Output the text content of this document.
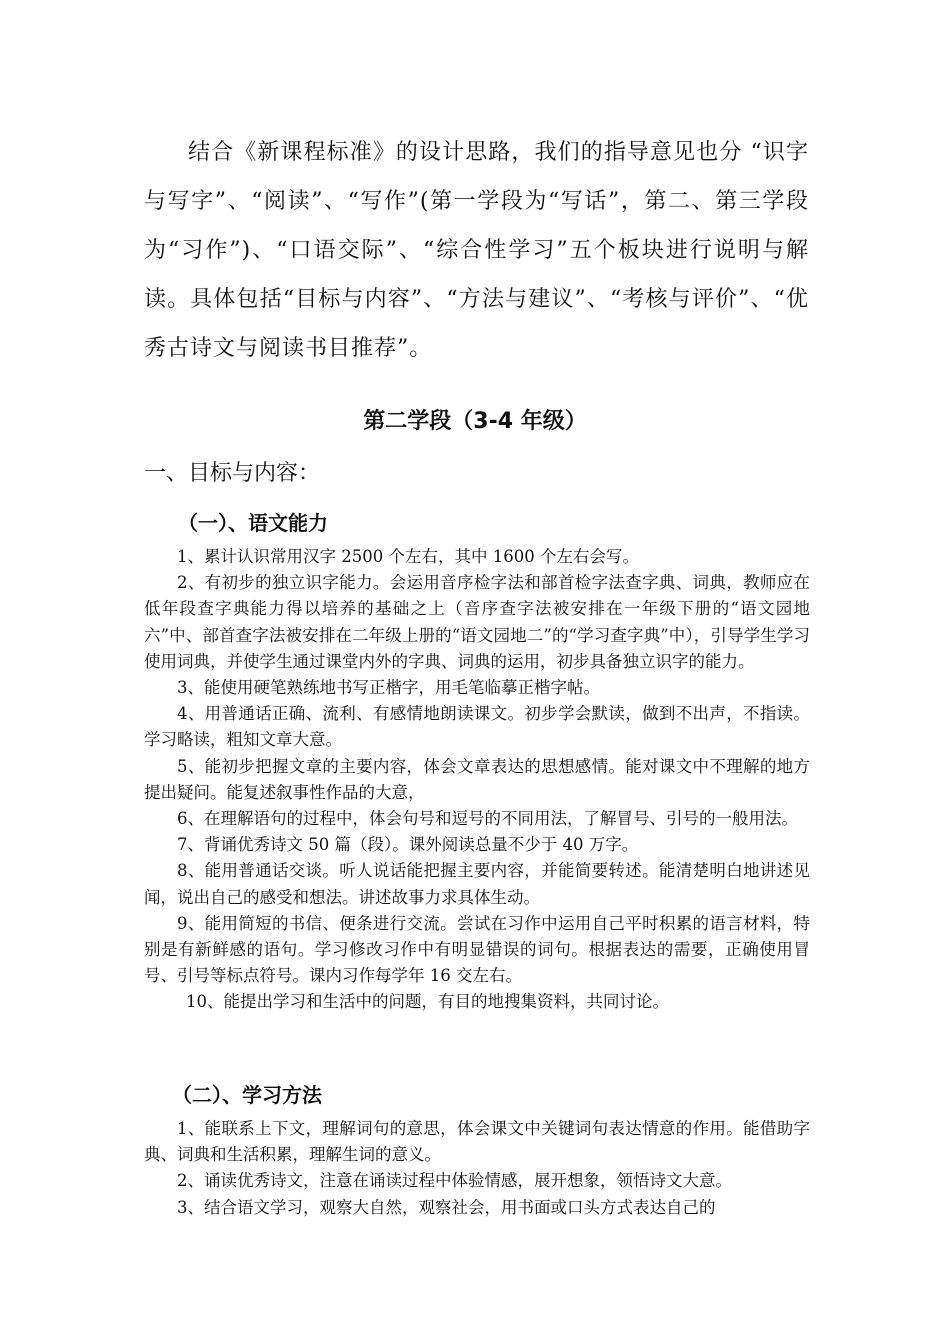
结合《新课程标准》的设计思路，我们的指导意见也分 “识字与写字”、“阅读”、“写作”(第一学段为“写话”，第二、第三学段为“习作”)、“口语交际”、“综合性学习”五个板块进行说明与解读。具体包括“目标与内容”、“方法与建议”、“考核与评价”、“优秀古诗文与阅读书目推荐”。

第二学段（3-4 年级）
一、目标与内容：
（一）、语文能力

1、累计认识常用汉字 2500 个左右，其中 1600 个左右会写。

2、有初步的独立识字能力。会运用音序检字法和部首检字法查字典、词典，教师应在低年段查字典能力得以培养的基础之上（音序查字法被安排在一年级下册的“语文园地六”中、部首查字法被安排在二年级上册的“语文园地二”的“学习查字典”中），引导学生学习使用词典，并使学生通过课堂内外的字典、词典的运用，初步具备独立识字的能力。

3、能使用硬笔熟练地书写正楷字，用毛笔临摹正楷字帖。

4、用普通话正确、流利、有感情地朗读课文。初步学会默读，做到不出声，不指读。学习略读，粗知文章大意。

5、能初步把握文章的主要内容，体会文章表达的思想感情。能对课文中不理解的地方提出疑问。能复述叙事性作品的大意，

6、在理解语句的过程中，体会句号和逗号的不同用法，了解冒号、引号的一般用法。

7、背诵优秀诗文 50 篇（段）。课外阅读总量不少于 40 万字。

8、能用普通话交谈。听人说话能把握主要内容，并能简要转述。能清楚明白地讲述见闻，说出自己的感受和想法。讲述故事力求具体生动。

9、能用简短的书信、便条进行交流。尝试在习作中运用自己平时积累的语言材料，特别是有新鲜感的语句。学习修改习作中有明显错误的词句。根据表达的需要，正确使用冒号、引号等标点符号。课内习作每学年 16 交左右。

10、能提出学习和生活中的问题，有目的地搜集资料，共同讨论。

（二）、学习方法

1、能联系上下文，理解词句的意思，体会课文中关键词句表达情意的作用。能借助字典、词典和生活积累，理解生词的意义。

2、诵读优秀诗文，注意在诵读过程中体验情感，展开想象，领悟诗文大意。

3、结合语文学习，观察大自然，观察社会，用书面或口头方式表达自己的
